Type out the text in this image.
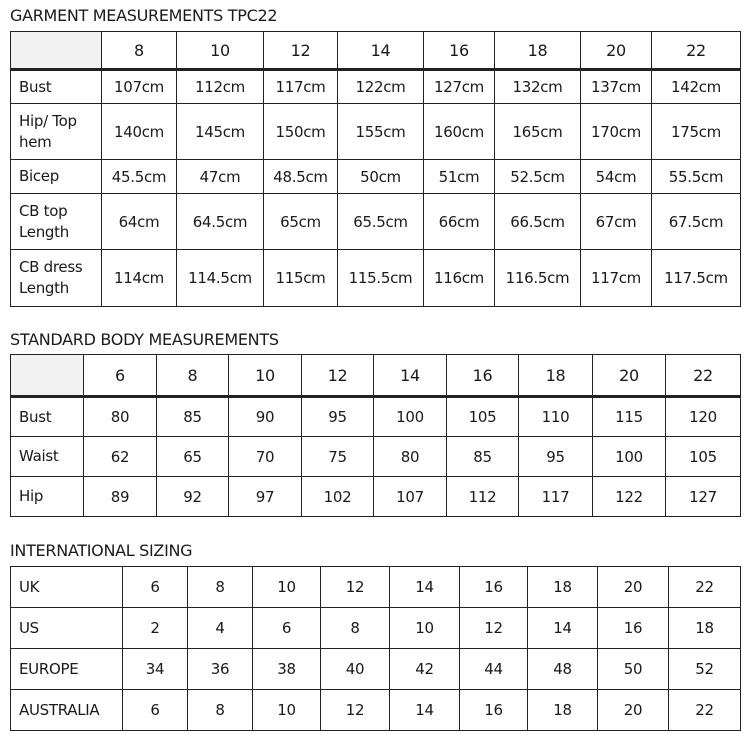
GARMENT MEASUREMENTS TPC22
	8	10	12	14	16	18	20	22
Bust	107cm	112cm	117cm	122cm	127cm	132cm	137cm	142cm
Hip/ Top hem	140cm	145cm	150cm	155cm	160cm	165cm	170cm	175cm
Bicep	45.5cm	47cm	48.5cm	50cm	51cm	52.5cm	54cm	55.5cm
CB top Length	64cm	64.5cm	65cm	65.5cm	66cm	66.5cm	67cm	67.5cm
CB dress Length	114cm	114.5cm	115cm	115.5cm	116cm	116.5cm	117cm	117.5cm
STANDARD BODY MEASUREMENTS
	6	8	10	12	14	16	18	20	22
Bust	80	85	90	95	100	105	110	115	120
Waist	62	65	70	75	80	85	95	100	105
Hip	89	92	97	102	107	112	117	122	127
INTERNATIONAL SIZING
UK	6	8	10	12	14	16	18	20	22
US	2	4	6	8	10	12	14	16	18
EUROPE	34	36	38	40	42	44	48	50	52
AUSTRALIA	6	8	10	12	14	16	18	20	22
